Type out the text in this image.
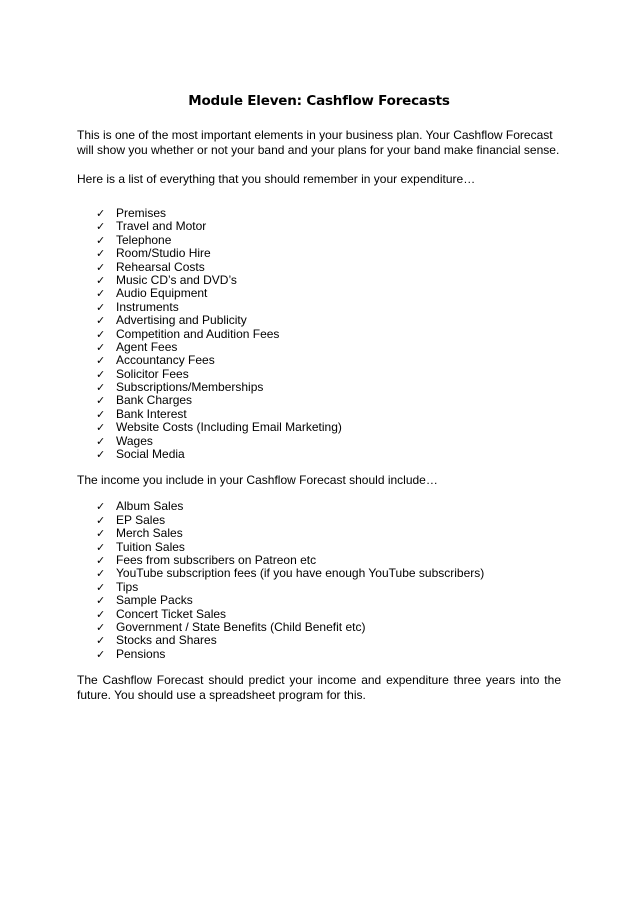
Module Eleven: Cashflow Forecasts

This is one of the most important elements in your business plan. Your Cashflow Forecast will show you whether or not your band and your plans for your band make financial sense.

Here is a list of everything that you should remember in your expenditure…

✓ Premises
✓ Travel and Motor
✓ Telephone
✓ Room/Studio Hire
✓ Rehearsal Costs
✓ Music CD’s and DVD’s
✓ Audio Equipment
✓ Instruments
✓ Advertising and Publicity
✓ Competition and Audition Fees
✓ Agent Fees
✓ Accountancy Fees
✓ Solicitor Fees
✓ Subscriptions/Memberships
✓ Bank Charges
✓ Bank Interest
✓ Website Costs (Including Email Marketing)
✓ Wages
✓ Social Media

The income you include in your Cashflow Forecast should include…

✓ Album Sales
✓ EP Sales
✓ Merch Sales
✓ Tuition Sales
✓ Fees from subscribers on Patreon etc
✓ YouTube subscription fees (if you have enough YouTube subscribers)
✓ Tips
✓ Sample Packs
✓ Concert Ticket Sales
✓ Government / State Benefits (Child Benefit etc)
✓ Stocks and Shares
✓ Pensions

The Cashflow Forecast should predict your income and expenditure three years into the future. You should use a spreadsheet program for this.
